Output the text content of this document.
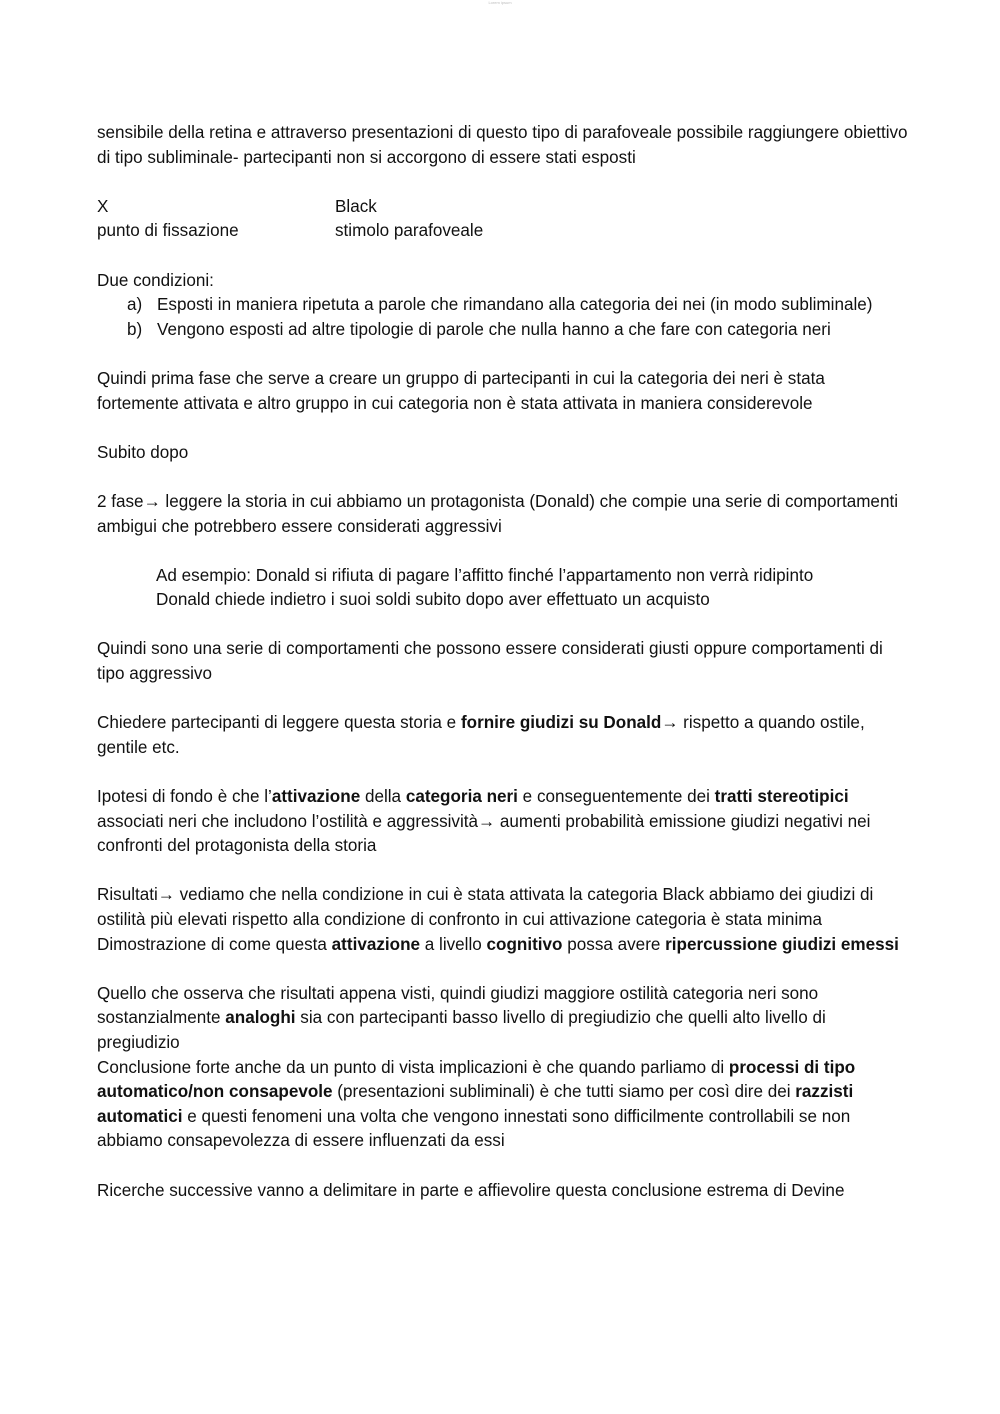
Lorem ipsum

sensibile della retina e attraverso presentazioni di questo tipo di parafoveale possibile raggiungere obiettivo di tipo subliminale- partecipanti non si accorgono di essere stati esposti

X	Black
punto di fissazione	stimolo parafoveale

Due condizioni:

a) Esposti in maniera ripetuta a parole che rimandano alla categoria dei nei (in modo subliminale)
b) Vengono esposti ad altre tipologie di parole che nulla hanno a che fare con categoria neri

Quindi prima fase che serve a creare un gruppo di partecipanti in cui la categoria dei neri è stata fortemente attivata e altro gruppo in cui categoria non è stata attivata in maniera considerevole

Subito dopo

2 fase→ leggere la storia in cui abbiamo un protagonista (Donald) che compie una serie di comportamenti ambigui che potrebbero essere considerati aggressivi

Ad esempio: Donald si rifiuta di pagare l’affitto finché l’appartamento non verrà ridipinto

Donald chiede indietro i suoi soldi subito dopo aver effettuato un acquisto

Quindi sono una serie di comportamenti che possono essere considerati giusti oppure comportamenti di tipo aggressivo

Chiedere partecipanti di leggere questa storia e fornire giudizi su Donald→ rispetto a quando ostile, gentile etc.

Ipotesi di fondo è che l’attivazione della categoria neri e conseguentemente dei tratti stereotipici associati neri che includono l’ostilità e aggressività→ aumenti probabilità emissione giudizi negativi nei confronti del protagonista della storia

Risultati→ vediamo che nella condizione in cui è stata attivata la categoria Black abbiamo dei giudizi di ostilità più elevati rispetto alla condizione di confronto in cui attivazione categoria è stata minima

Dimostrazione di come questa attivazione a livello cognitivo possa avere ripercussione giudizi emessi

Quello che osserva che risultati appena visti, quindi giudizi maggiore ostilità categoria neri sono sostanzialmente analoghi sia con partecipanti basso livello di pregiudizio che quelli alto livello di pregiudizio

Conclusione forte anche da un punto di vista implicazioni è che quando parliamo di processi di tipo automatico/non consapevole (presentazioni subliminali) è che tutti siamo per così dire dei razzisti automatici e questi fenomeni una volta che vengono innestati sono difficilmente controllabili se non abbiamo consapevolezza di essere influenzati da essi

Ricerche successive vanno a delimitare in parte e affievolire questa conclusione estrema di Devine
